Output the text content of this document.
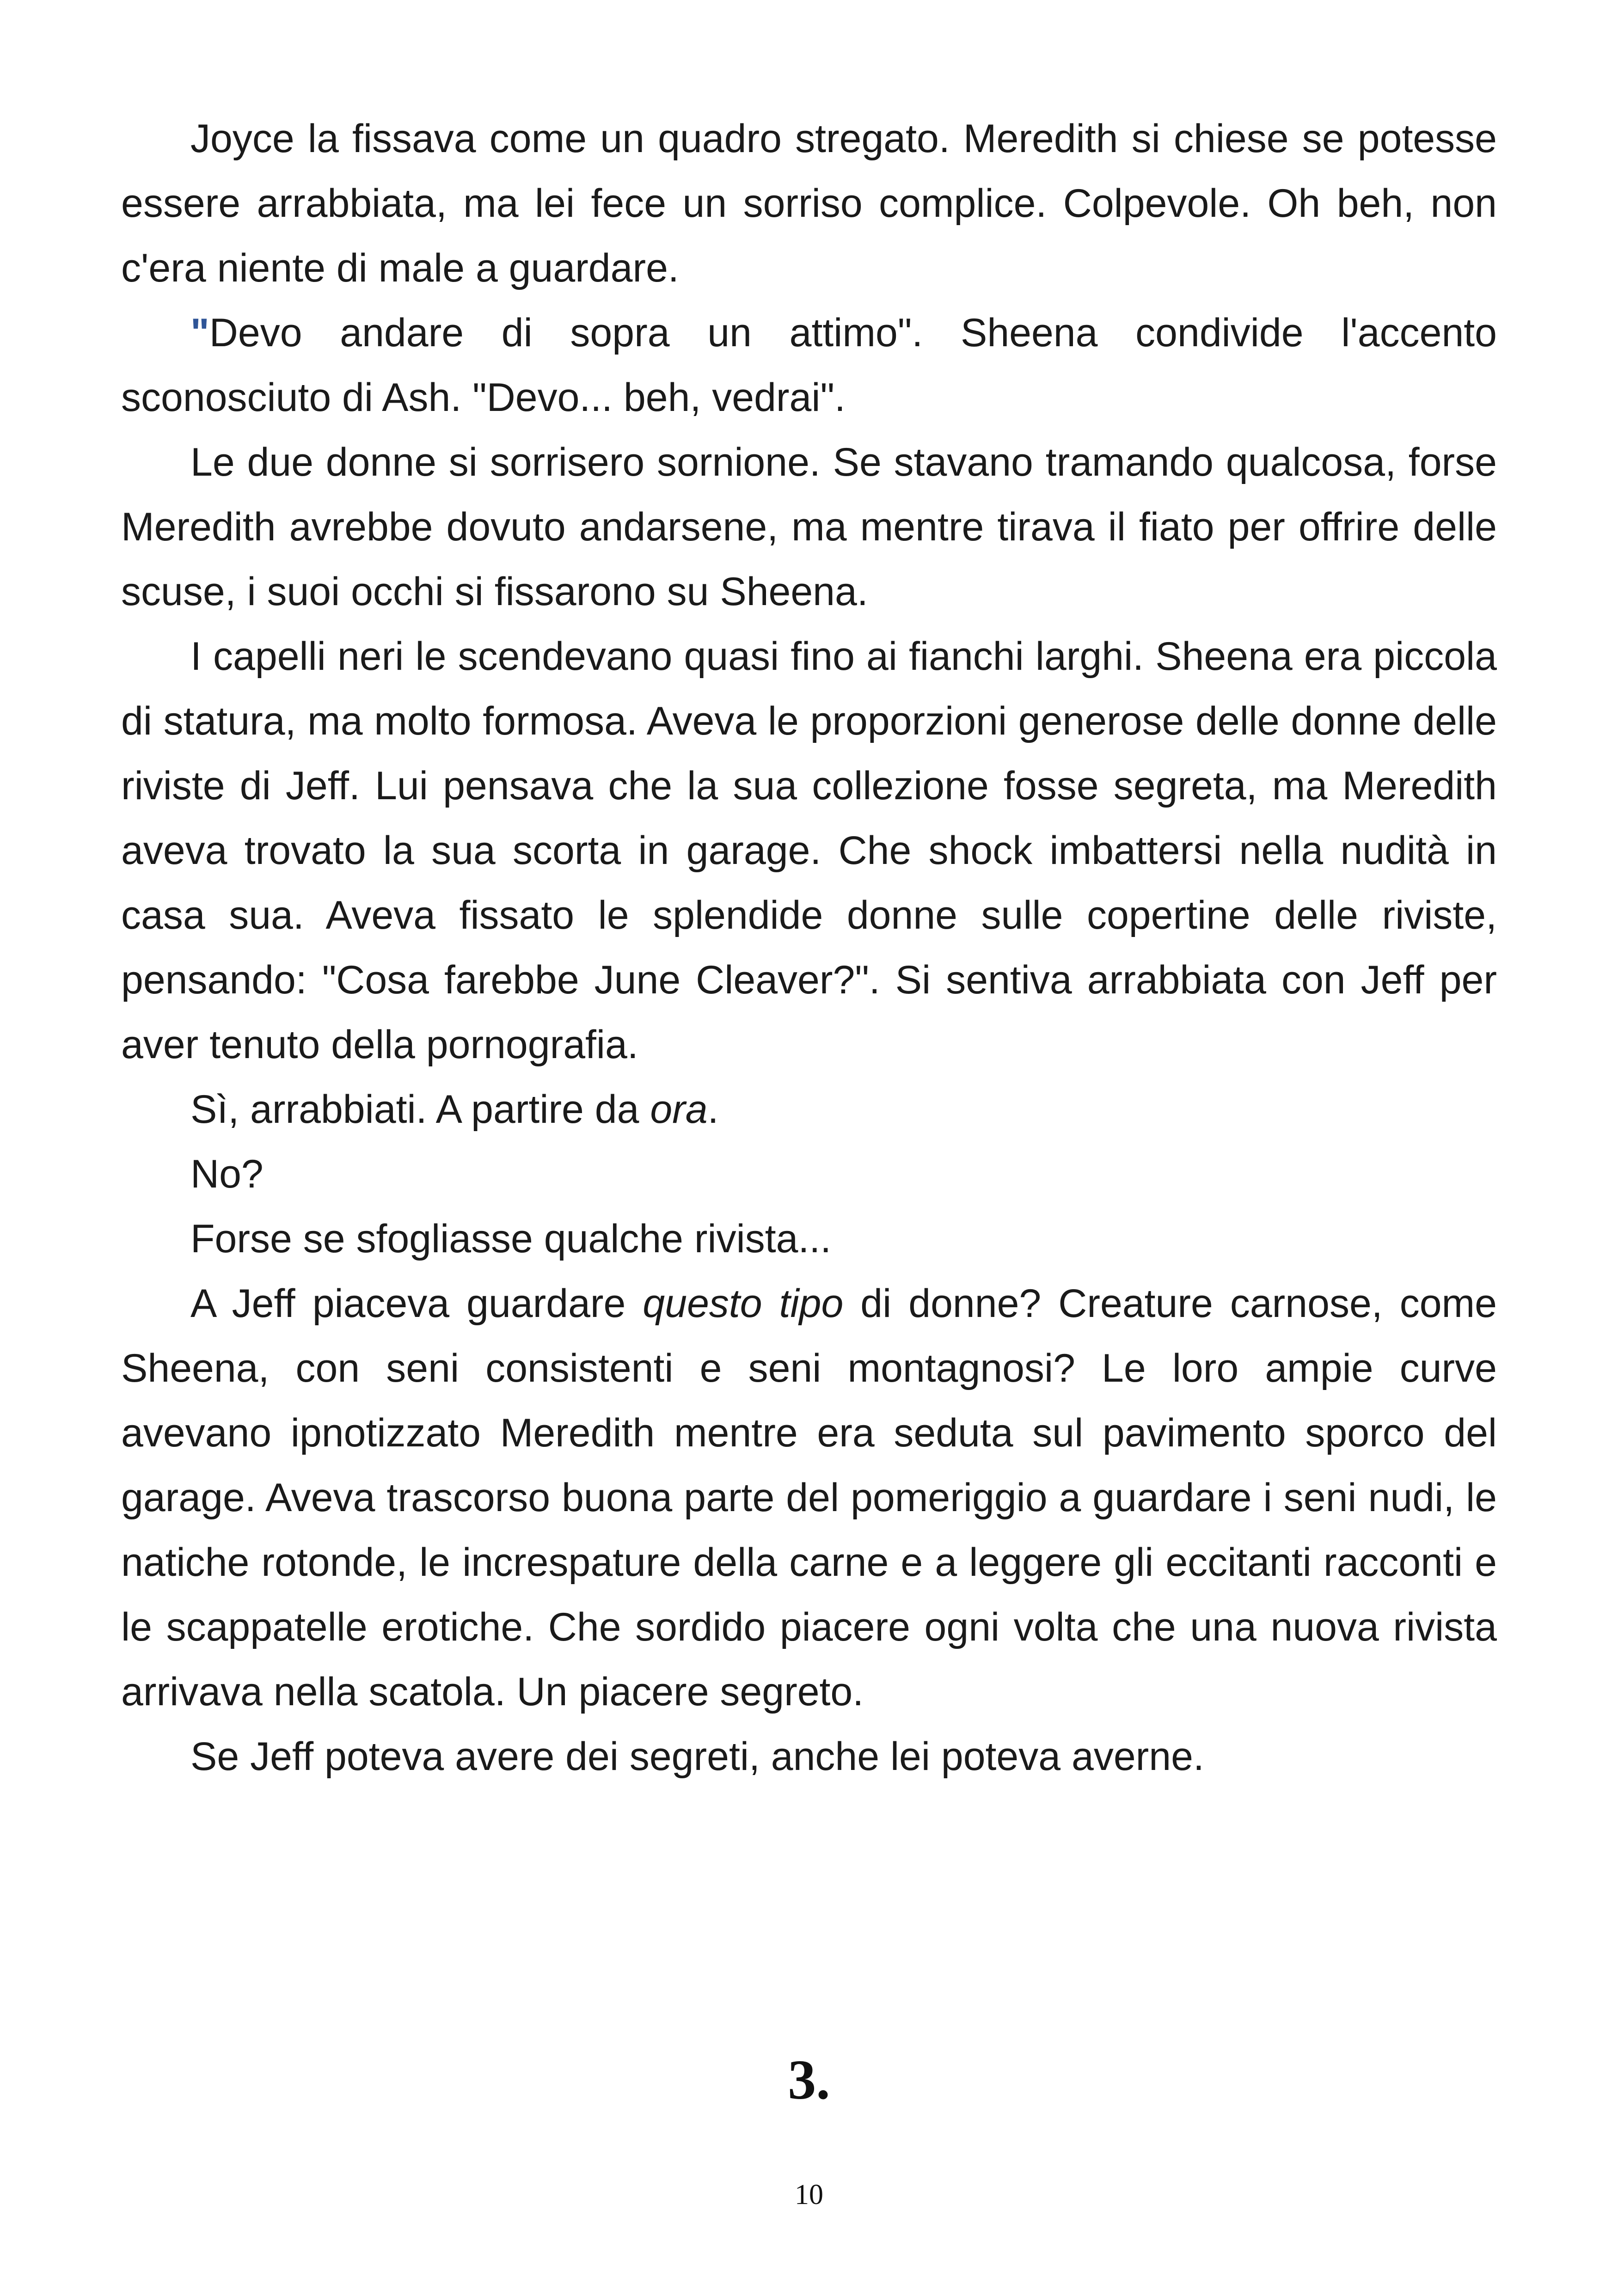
Joyce la fissava come un quadro stregato. Meredith si chiese se potesse essere arrabbiata, ma lei fece un sorriso complice. Colpevole. Oh beh, non c'era niente di male a guardare.

"Devo andare di sopra un attimo". Sheena condivide l'accento sconosciuto di Ash. "Devo... beh, vedrai".

Le due donne si sorrisero sornione. Se stavano tramando qualcosa, forse Meredith avrebbe dovuto andarsene, ma mentre tirava il fiato per offrire delle scuse, i suoi occhi si fissarono su Sheena.

I capelli neri le scendevano quasi fino ai fianchi larghi. Sheena era piccola di statura, ma molto formosa. Aveva le proporzioni generose delle donne delle riviste di Jeff. Lui pensava che la sua collezione fosse segreta, ma Meredith aveva trovato la sua scorta in garage. Che shock imbattersi nella nudità in casa sua. Aveva fissato le splendide donne sulle copertine delle riviste, pensando: "Cosa farebbe June Cleaver?". Si sentiva arrabbiata con Jeff per aver tenuto della pornografia.

Sì, arrabbiati. A partire da ora.

No?

Forse se sfogliasse qualche rivista...

A Jeff piaceva guardare questo tipo di donne? Creature carnose, come Sheena, con seni consistenti e seni montagnosi? Le loro ampie curve avevano ipnotizzato Meredith mentre era seduta sul pavimento sporco del garage. Aveva trascorso buona parte del pomeriggio a guardare i seni nudi, le natiche rotonde, le increspature della carne e a leggere gli eccitanti racconti e le scappatelle erotiche. Che sordido piacere ogni volta che una nuova rivista arrivava nella scatola. Un piacere segreto.

Se Jeff poteva avere dei segreti, anche lei poteva averne.

3.
10
